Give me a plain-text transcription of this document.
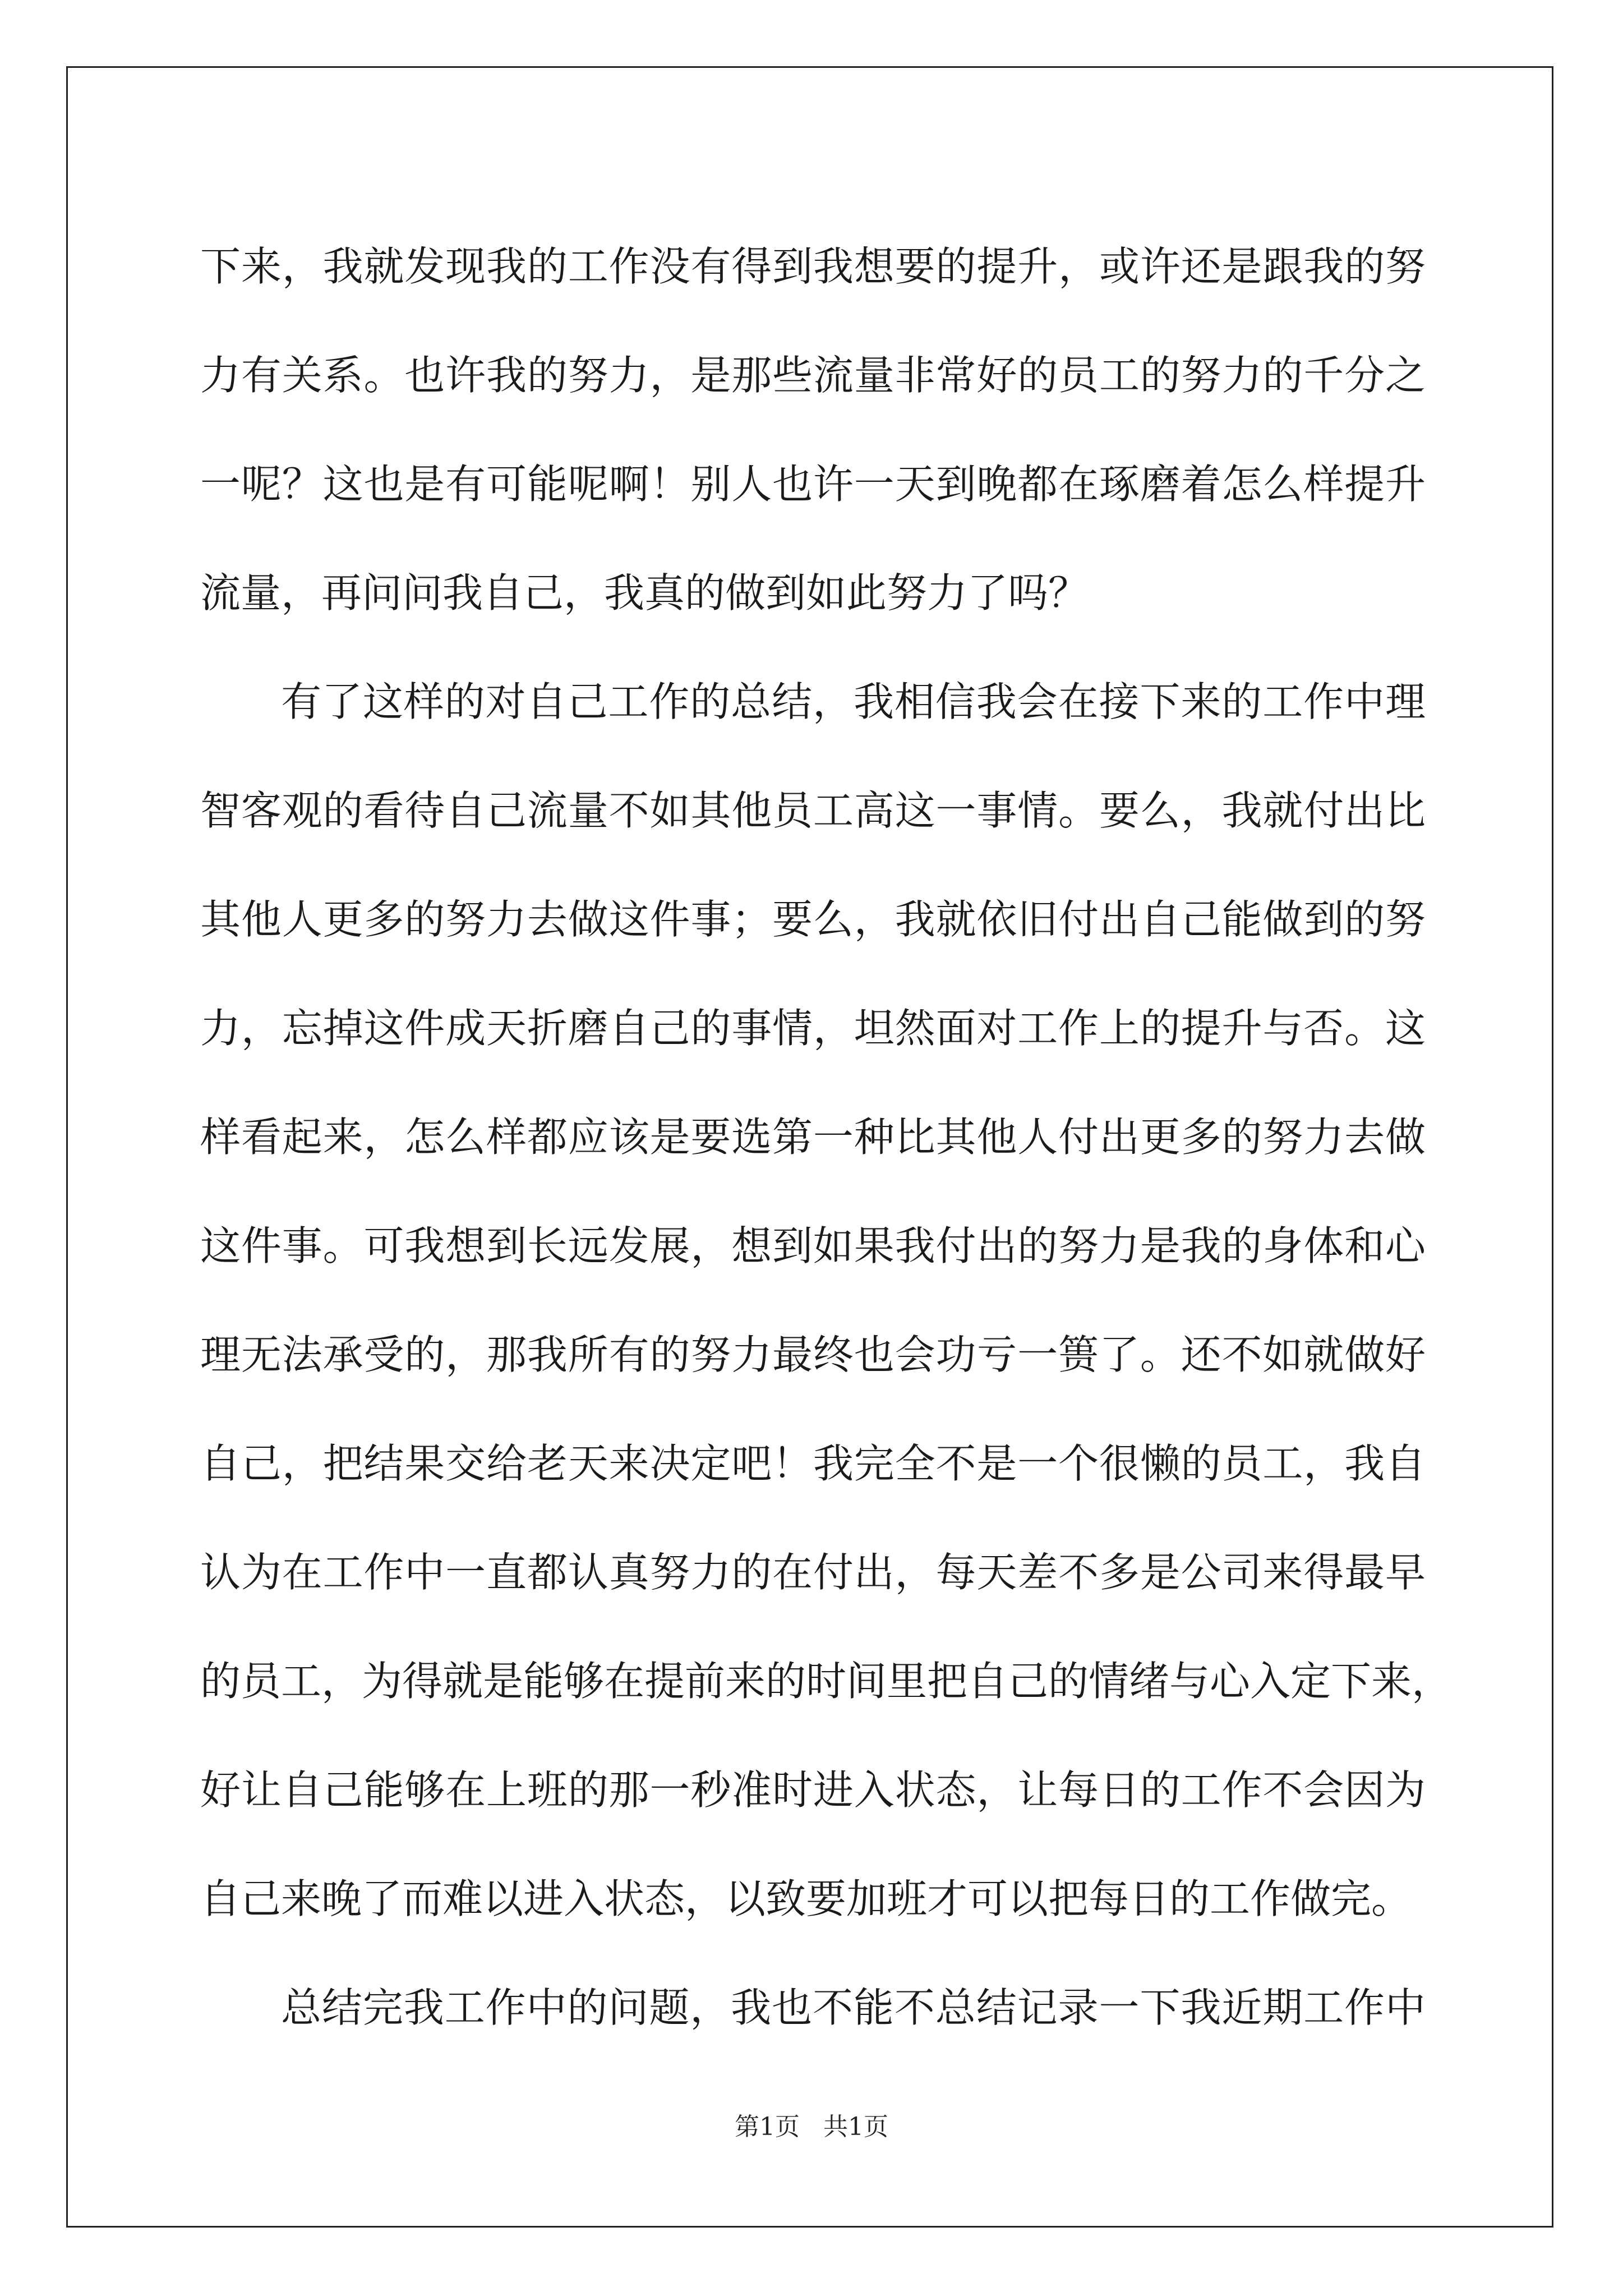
下来，我就发现我的工作没有得到我想要的提升，或许还是跟我的努
力有关系。也许我的努力，是那些流量非常好的员工的努力的千分之
一呢？这也是有可能呢啊！别人也许一天到晚都在琢磨着怎么样提升
流量，再问问我自己，我真的做到如此努力了吗？
有了这样的对自己工作的总结，我相信我会在接下来的工作中理
智客观的看待自己流量不如其他员工高这一事情。要么，我就付出比
其他人更多的努力去做这件事；要么，我就依旧付出自己能做到的努
力，忘掉这件成天折磨自己的事情，坦然面对工作上的提升与否。这
样看起来，怎么样都应该是要选第一种比其他人付出更多的努力去做
这件事。可我想到长远发展，想到如果我付出的努力是我的身体和心
理无法承受的，那我所有的努力最终也会功亏一篑了。还不如就做好
自己，把结果交给老天来决定吧！我完全不是一个很懒的员工，我自
认为在工作中一直都认真努力的在付出，每天差不多是公司来得最早
的员工，为得就是能够在提前来的时间里把自己的情绪与心入定下来，
好让自己能够在上班的那一秒准时进入状态，让每日的工作不会因为
自己来晚了而难以进入状态，以致要加班才可以把每日的工作做完。
总结完我工作中的问题，我也不能不总结记录一下我近期工作中
第1页   共1页
